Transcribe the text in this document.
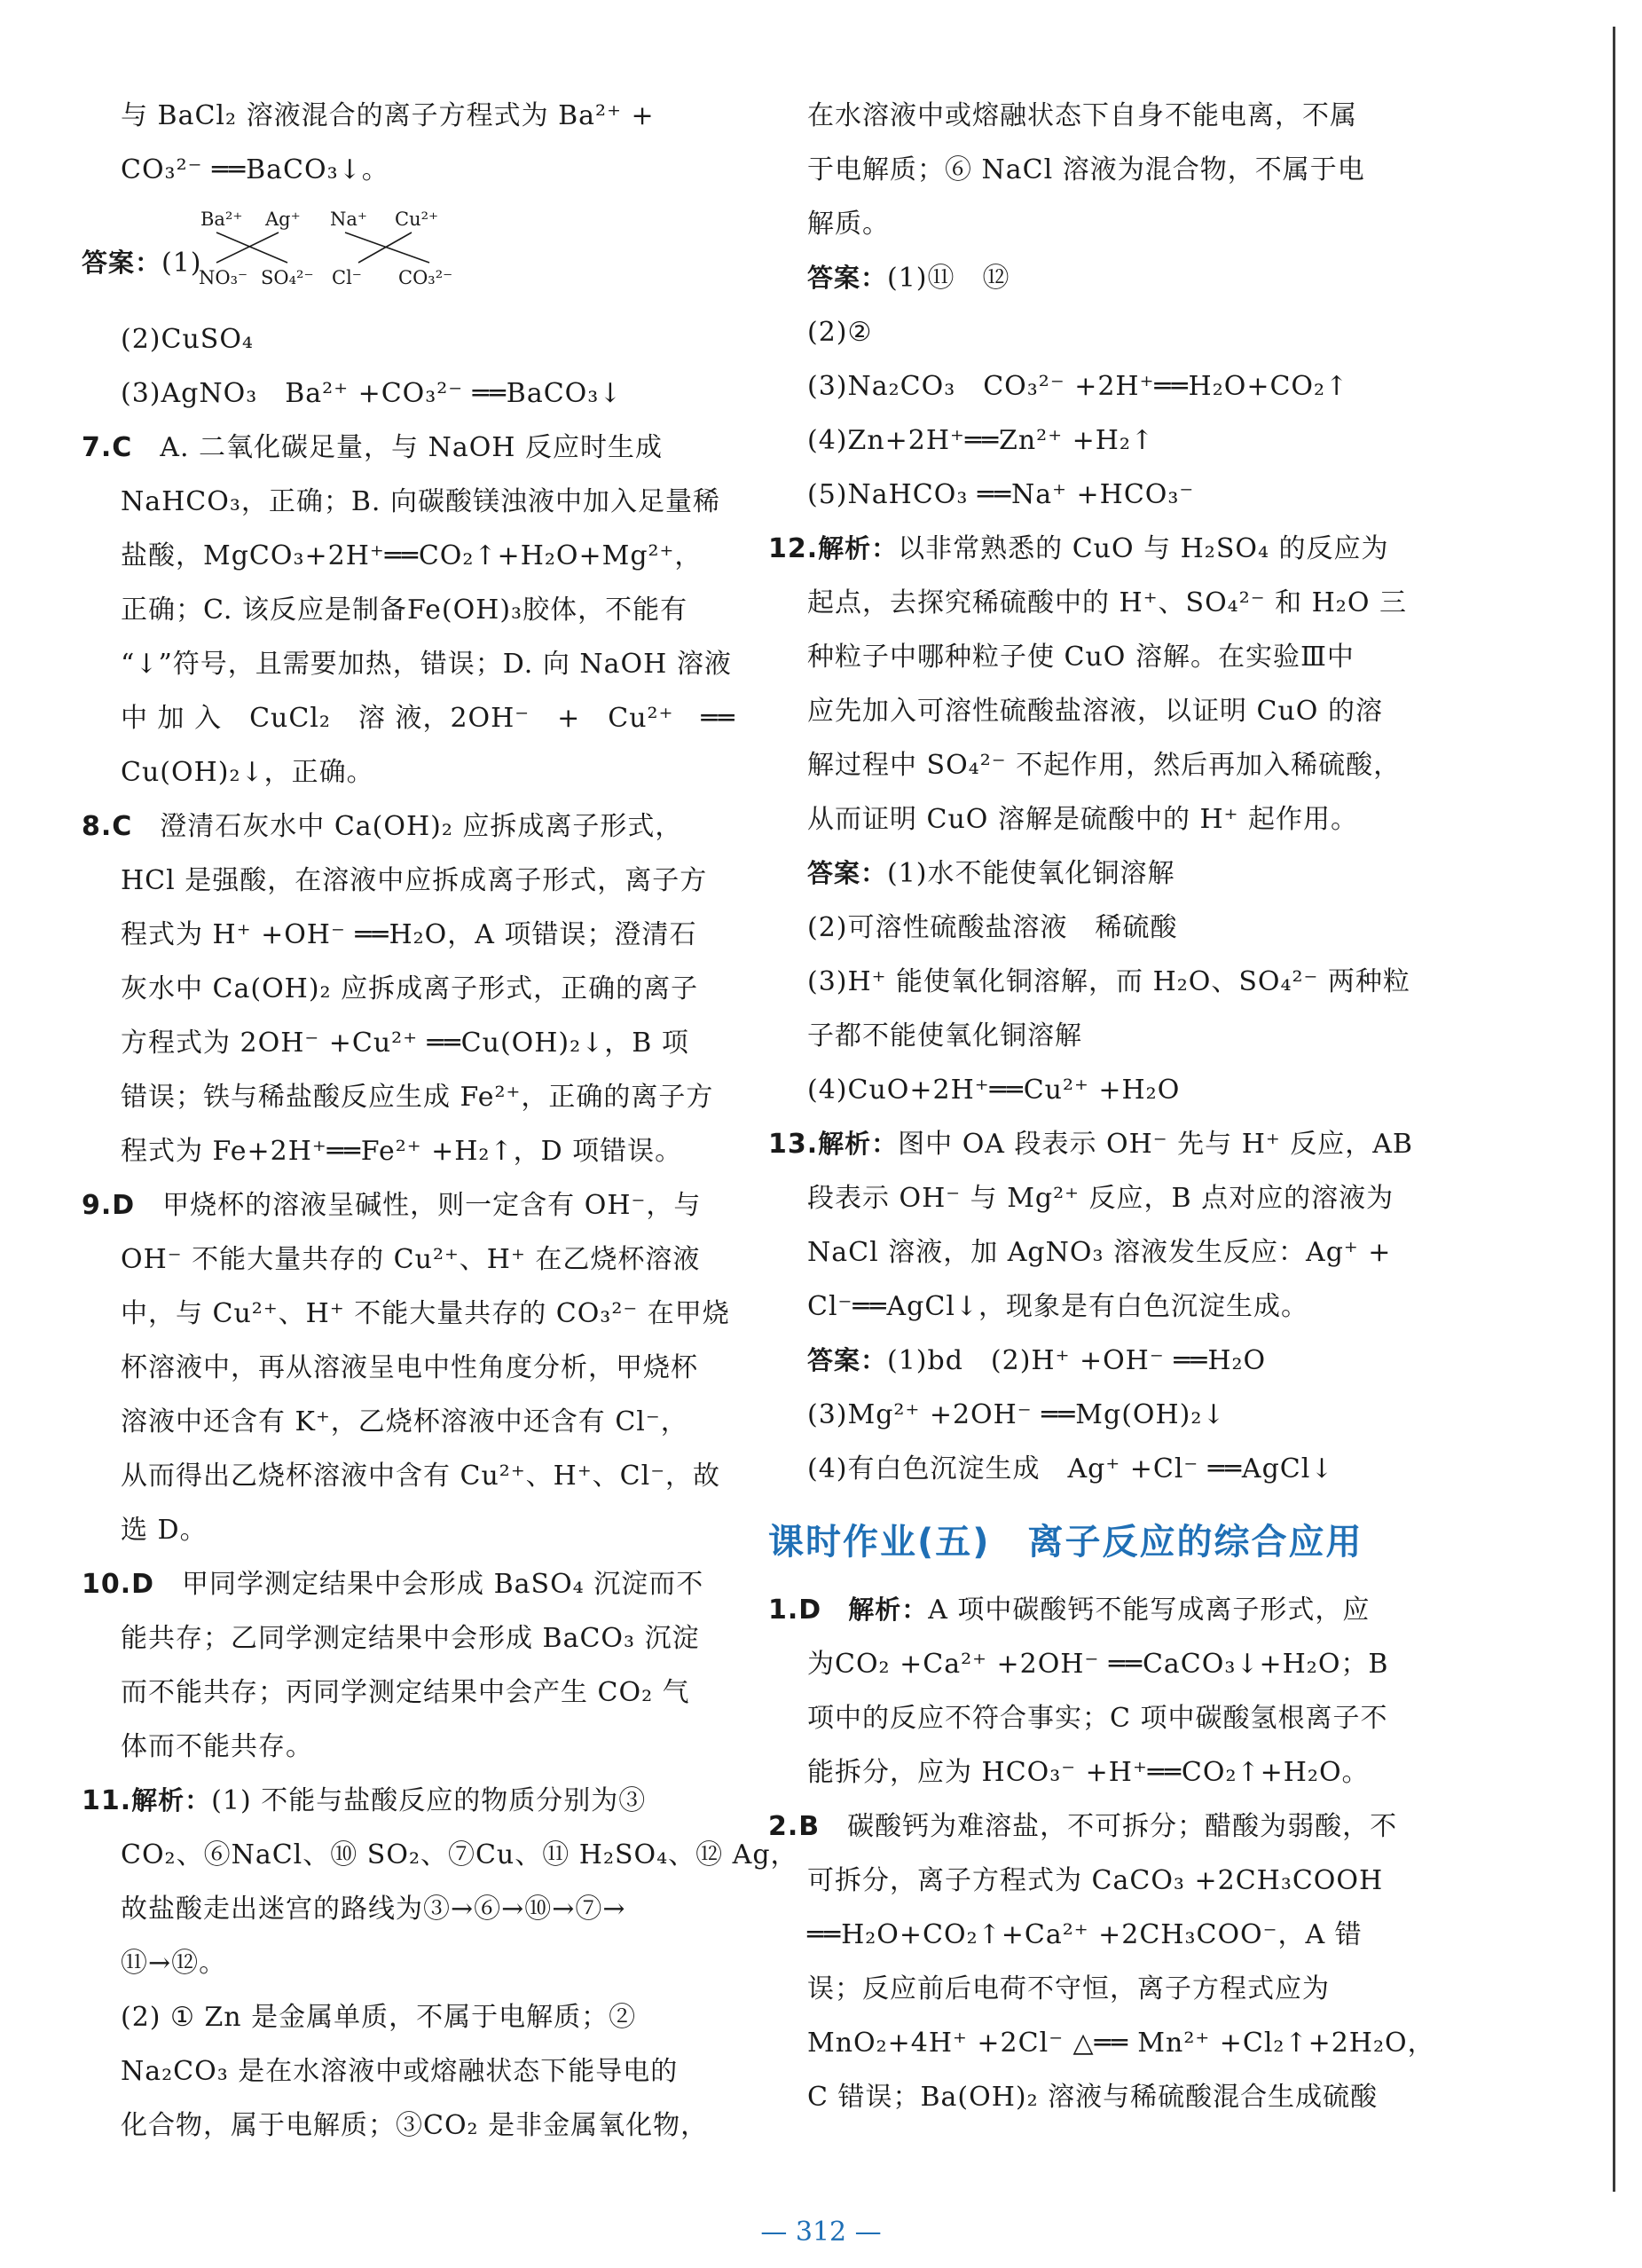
与 BaCl₂ 溶液混合的离子方程式为 Ba²⁺ +
CO₃²⁻ ══BaCO₃↓。
答案：(1)
Ba²⁺ Ag⁺ Na⁺ Cu²⁺
NO₃⁻ SO₄²⁻ Cl⁻ CO₃²⁻
(2)CuSO₄
(3)AgNO₃　Ba²⁺ +CO₃²⁻ ══BaCO₃↓
7.C　A. 二氧化碳足量，与 NaOH 反应时生成
NaHCO₃，正确；B. 向碳酸镁浊液中加入足量稀
盐酸，MgCO₃+2H⁺══CO₂↑+H₂O+Mg²⁺，
正确；C. 该反应是制备Fe(OH)₃胶体，不能有
“↓”符号，且需要加热，错误；D. 向 NaOH 溶液
中 加 入　CuCl₂　溶 液，2OH⁻　+　Cu²⁺　══
Cu(OH)₂↓，正确。
8.C　澄清石灰水中 Ca(OH)₂ 应拆成离子形式，
HCl 是强酸，在溶液中应拆成离子形式，离子方
程式为 H⁺ +OH⁻ ══H₂O，A 项错误；澄清石
灰水中 Ca(OH)₂ 应拆成离子形式，正确的离子
方程式为 2OH⁻ +Cu²⁺ ══Cu(OH)₂↓，B 项
错误；铁与稀盐酸反应生成 Fe²⁺，正确的离子方
程式为 Fe+2H⁺══Fe²⁺ +H₂↑，D 项错误。
9.D　甲烧杯的溶液呈碱性，则一定含有 OH⁻，与
OH⁻ 不能大量共存的 Cu²⁺、H⁺ 在乙烧杯溶液
中，与 Cu²⁺、H⁺ 不能大量共存的 CO₃²⁻ 在甲烧
杯溶液中，再从溶液呈电中性角度分析，甲烧杯
溶液中还含有 K⁺，乙烧杯溶液中还含有 Cl⁻，
从而得出乙烧杯溶液中含有 Cu²⁺、H⁺、Cl⁻，故
选 D。
10.D　甲同学测定结果中会形成 BaSO₄ 沉淀而不
能共存；乙同学测定结果中会形成 BaCO₃ 沉淀
而不能共存；丙同学测定结果中会产生 CO₂ 气
体而不能共存。
11.解析：(1) 不能与盐酸反应的物质分别为③
CO₂、⑥NaCl、⑩ SO₂、⑦Cu、⑪ H₂SO₄、⑫ Ag，
故盐酸走出迷宫的路线为③→⑥→⑩→⑦→
⑪→⑫。
(2) ① Zn 是金属单质，不属于电解质；②
Na₂CO₃ 是在水溶液中或熔融状态下能导电的
化合物，属于电解质；③CO₂ 是非金属氧化物，
在水溶液中或熔融状态下自身不能电离，不属
于电解质；⑥ NaCl 溶液为混合物，不属于电
解质。
答案：(1)⑪　⑫
(2)②
(3)Na₂CO₃　CO₃²⁻ +2H⁺══H₂O+CO₂↑
(4)Zn+2H⁺══Zn²⁺ +H₂↑
(5)NaHCO₃ ══Na⁺ +HCO₃⁻
12.解析：以非常熟悉的 CuO 与 H₂SO₄ 的反应为
起点，去探究稀硫酸中的 H⁺、SO₄²⁻ 和 H₂O 三
种粒子中哪种粒子使 CuO 溶解。在实验Ⅲ中
应先加入可溶性硫酸盐溶液，以证明 CuO 的溶
解过程中 SO₄²⁻ 不起作用，然后再加入稀硫酸，
从而证明 CuO 溶解是硫酸中的 H⁺ 起作用。
答案：(1)水不能使氧化铜溶解
(2)可溶性硫酸盐溶液　稀硫酸
(3)H⁺ 能使氧化铜溶解，而 H₂O、SO₄²⁻ 两种粒
子都不能使氧化铜溶解
(4)CuO+2H⁺══Cu²⁺ +H₂O
13.解析：图中 OA 段表示 OH⁻ 先与 H⁺ 反应，AB
段表示 OH⁻ 与 Mg²⁺ 反应，B 点对应的溶液为
NaCl 溶液，加 AgNO₃ 溶液发生反应：Ag⁺ +
Cl⁻══AgCl↓，现象是有白色沉淀生成。
答案：(1)bd　(2)H⁺ +OH⁻ ══H₂O
(3)Mg²⁺ +2OH⁻ ══Mg(OH)₂↓
(4)有白色沉淀生成　Ag⁺ +Cl⁻ ══AgCl↓
课时作业(五)　离子反应的综合应用
1.D　解析：A 项中碳酸钙不能写成离子形式，应
为CO₂ +Ca²⁺ +2OH⁻ ══CaCO₃↓+H₂O；B
项中的反应不符合事实；C 项中碳酸氢根离子不
能拆分，应为 HCO₃⁻ +H⁺══CO₂↑+H₂O。
2.B　碳酸钙为难溶盐，不可拆分；醋酸为弱酸，不
可拆分，离子方程式为 CaCO₃ +2CH₃COOH
══H₂O+CO₂↑+Ca²⁺ +2CH₃COO⁻，A 错
误；反应前后电荷不守恒，离子方程式应为
MnO₂+4H⁺ +2Cl⁻ △══ Mn²⁺ +Cl₂↑+2H₂O，
C 错误；Ba(OH)₂ 溶液与稀硫酸混合生成硫酸
— 312 —
